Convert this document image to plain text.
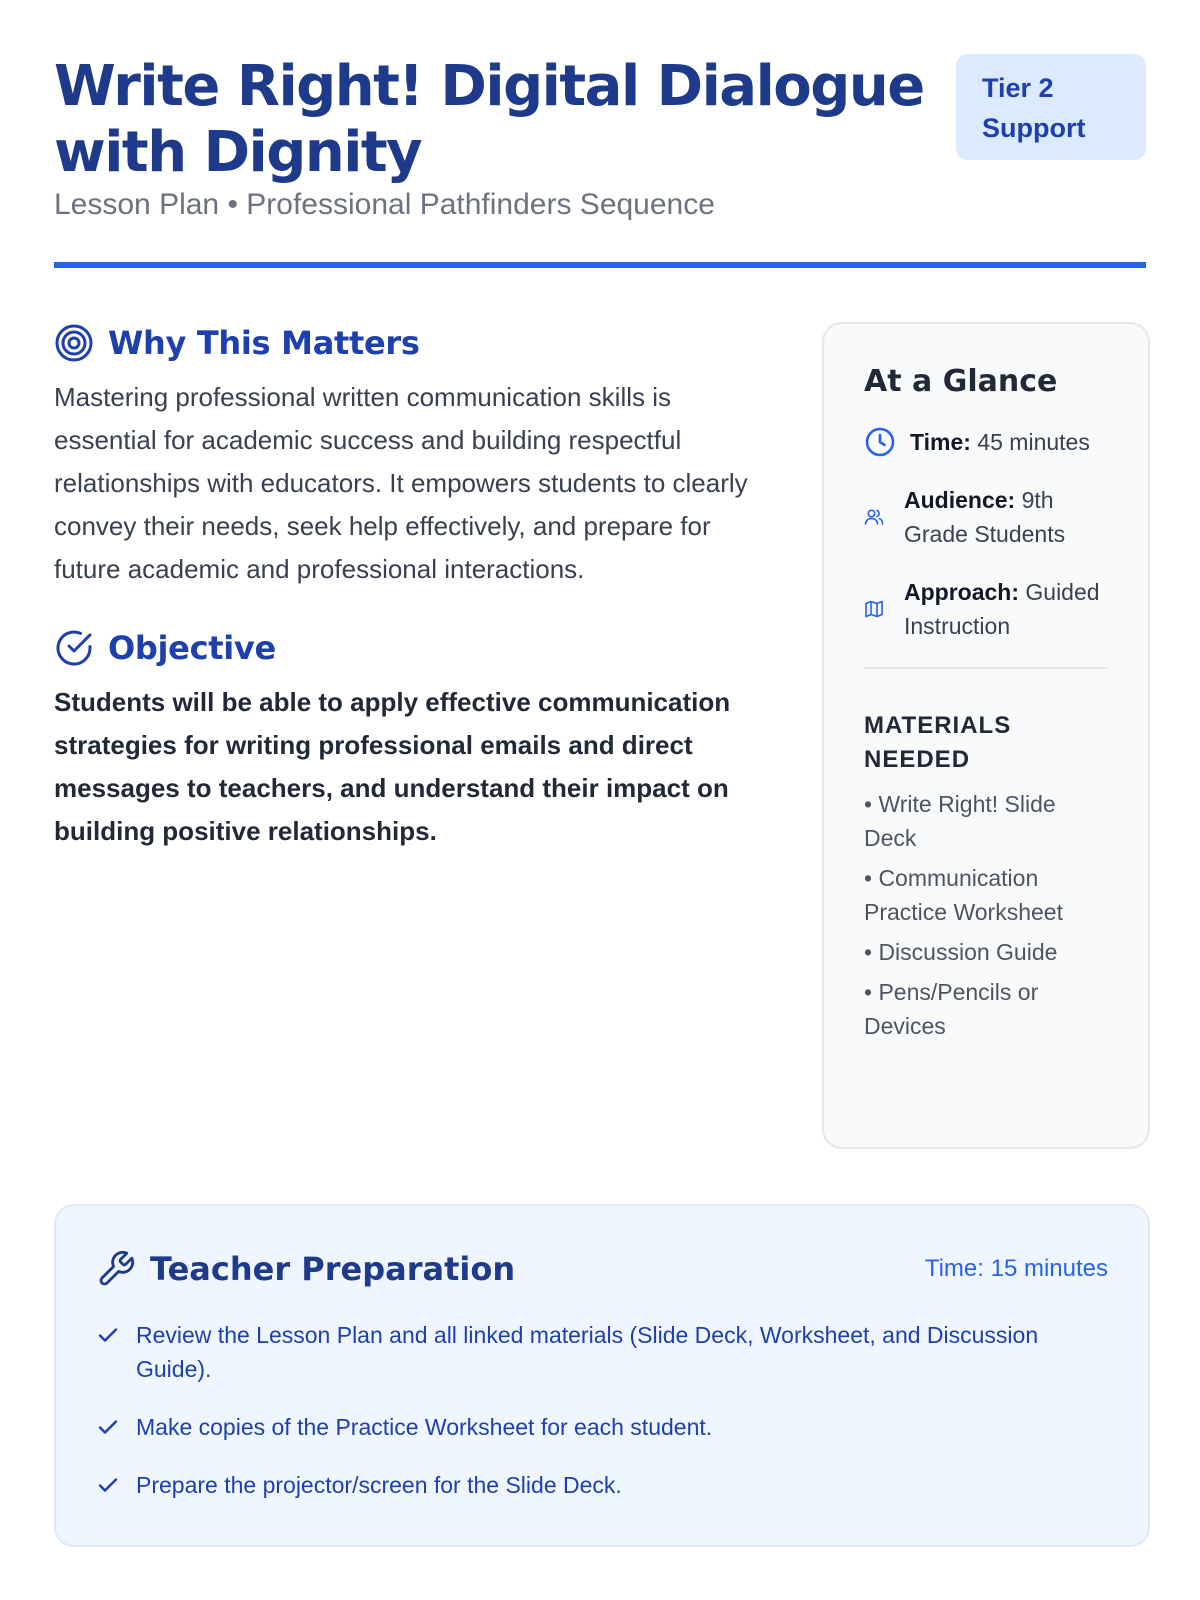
Write Right! Digital Dialogue with Dignity
Lesson Plan • Professional Pathfinders Sequence
Tier 2 Support
Why This Matters

Mastering professional written communication skills is essential for academic success and building respectful relationships with educators. It empowers students to clearly convey their needs, seek help effectively, and prepare for future academic and professional interactions.

Objective

Students will be able to apply effective communication strategies for writing professional emails and direct messages to teachers, and understand their impact on building positive relationships.

At a Glance
Time: 45 minutes
Audience: 9th Grade Students
Approach: Guided Instruction
MATERIALS NEEDED
• Write Right! Slide Deck
• Communication Practice Worksheet
• Discussion Guide
• Pens/Pencils or Devices
Teacher Preparation	Time: 15 minutes
Review the Lesson Plan and all linked materials (Slide Deck, Worksheet, and Discussion Guide).
Make copies of the Practice Worksheet for each student.
Prepare the projector/screen for the Slide Deck.
